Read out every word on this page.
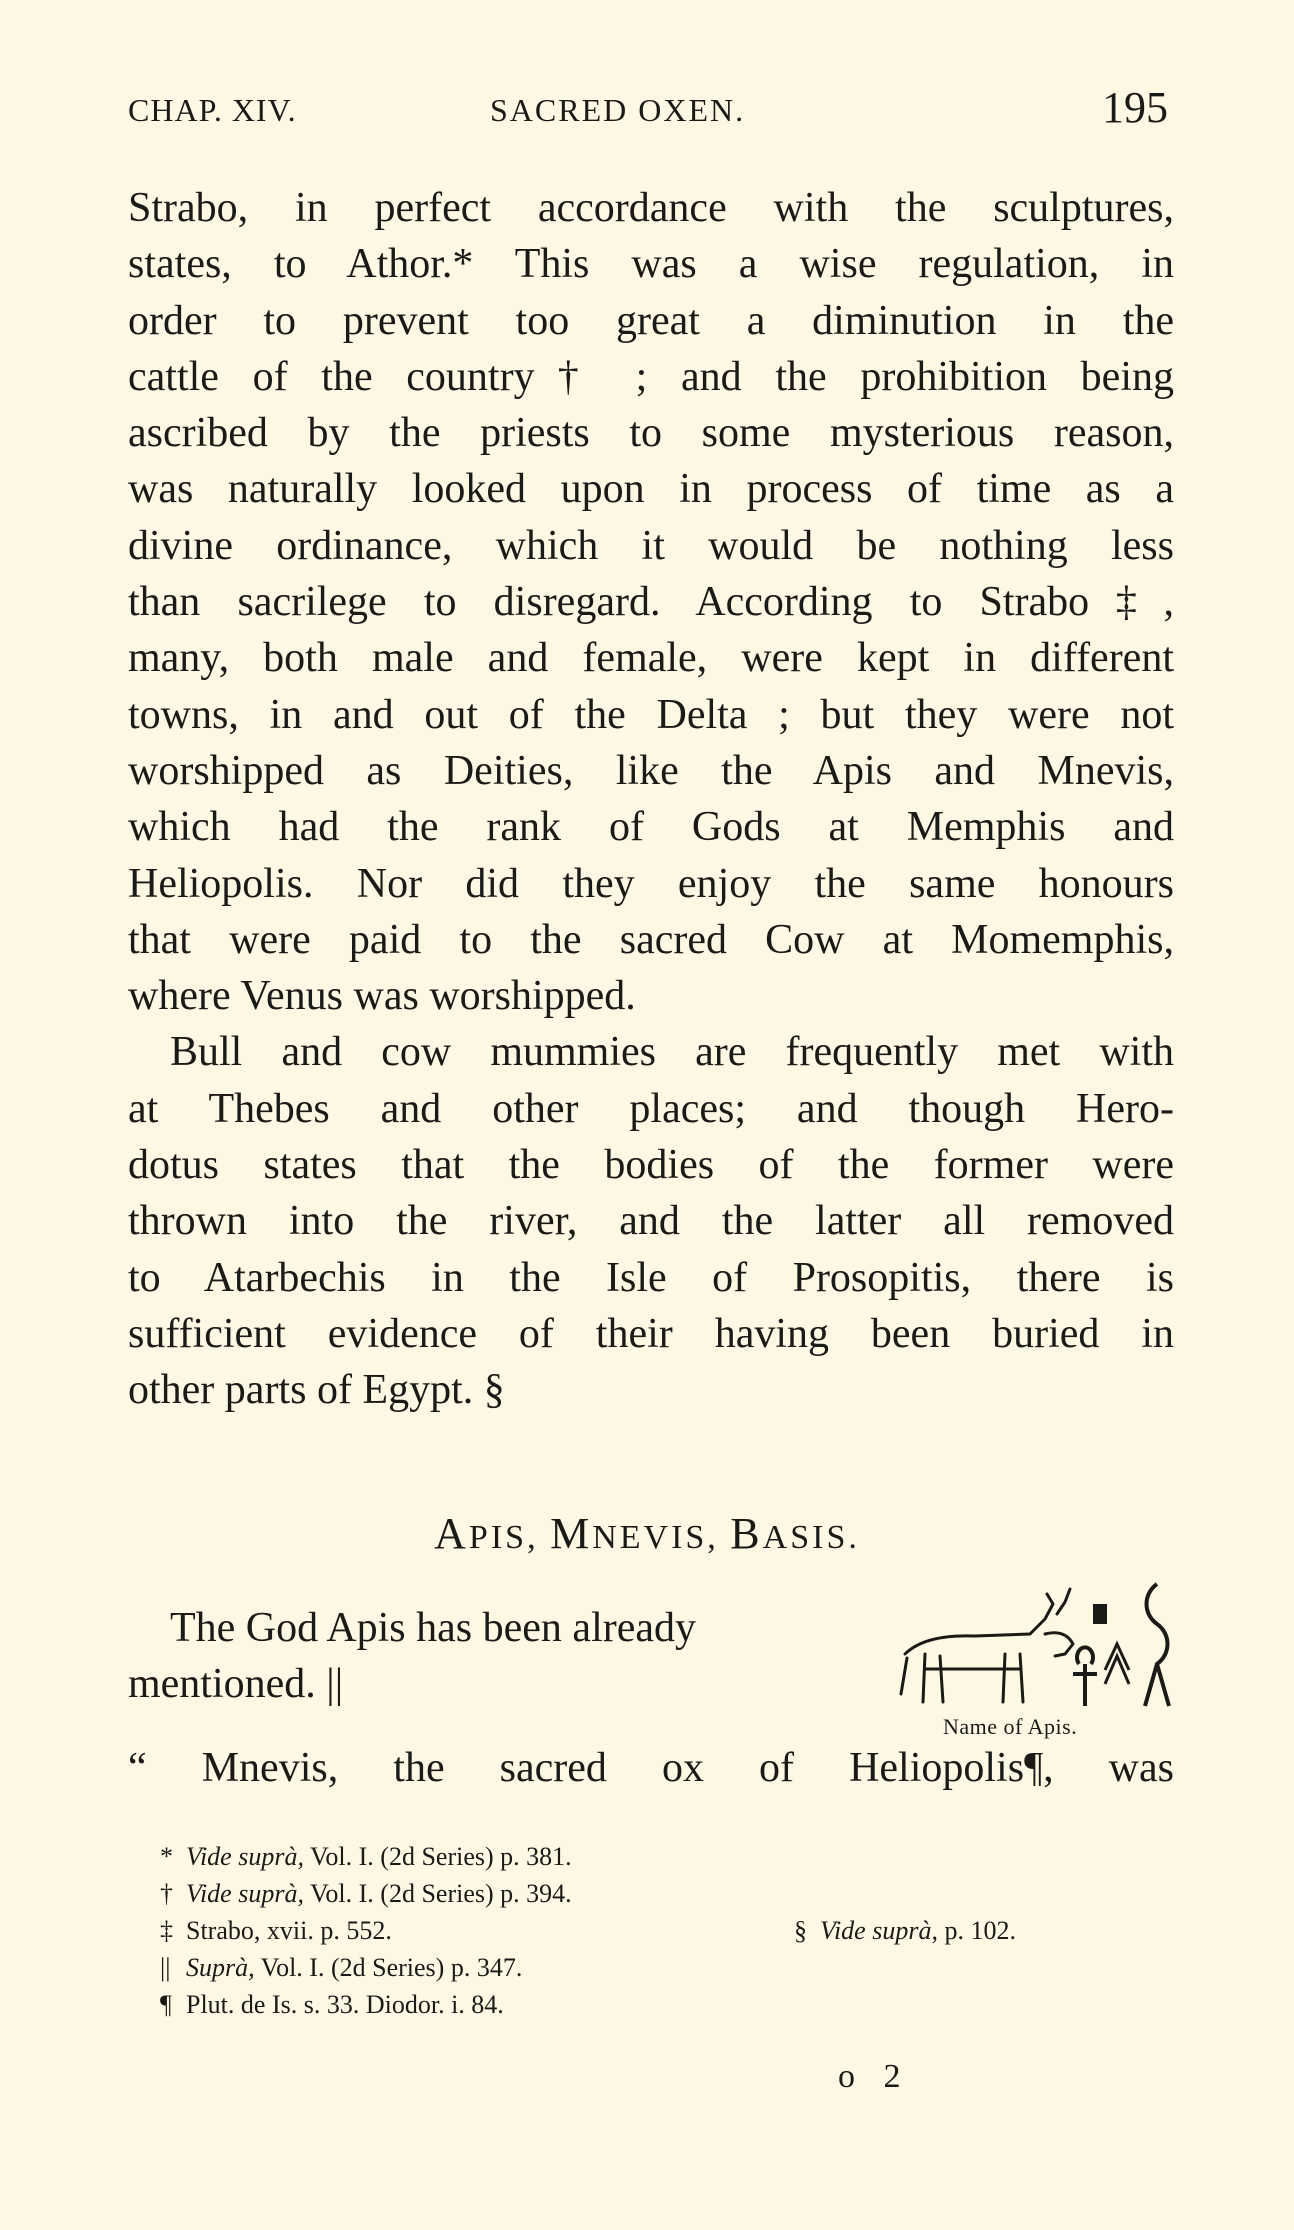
CHAP. XIV.	SACRED OXEN.	195
Strabo, in perfect accordance with the sculptures,
states, to Athor.* This was a wise regulation, in
order to prevent too great a diminution in the
cattle of the country† ; and the prohibition being
ascribed by the priests to some mysterious reason,
was naturally looked upon in process of time as a
divine ordinance, which it would be nothing less
than sacrilege to disregard. According to Strabo‡,
many, both male and female, were kept in different
towns, in and out of the Delta ; but they were not
worshipped as Deities, like the Apis and Mnevis,
which had the rank of Gods at Memphis and
Heliopolis. Nor did they enjoy the same honours
that were paid to the sacred Cow at Momemphis,
where Venus was worshipped.
Bull and cow mummies are frequently met with
at Thebes and other places; and though Hero-
dotus states that the bodies of the former were
thrown into the river, and the latter all removed
to Atarbechis in the Isle of Prosopitis, there is
sufficient evidence of their having been buried in
other parts of Egypt. §
APIS, MNEVIS, BASIS.
The God Apis has been already
mentioned. ||
Name of Apis.
“ Mnevis, the sacred ox of Heliopolis¶, was
* Vide suprà, Vol. I. (2d Series) p. 381.
† Vide suprà, Vol. I. (2d Series) p. 394.
‡ Strabo, xvii. p. 552.	§ Vide suprà, p. 102.
|| Suprà, Vol. I. (2d Series) p. 347.
¶ Plut. de Is. s. 33. Diodor. i. 84.
o 2
